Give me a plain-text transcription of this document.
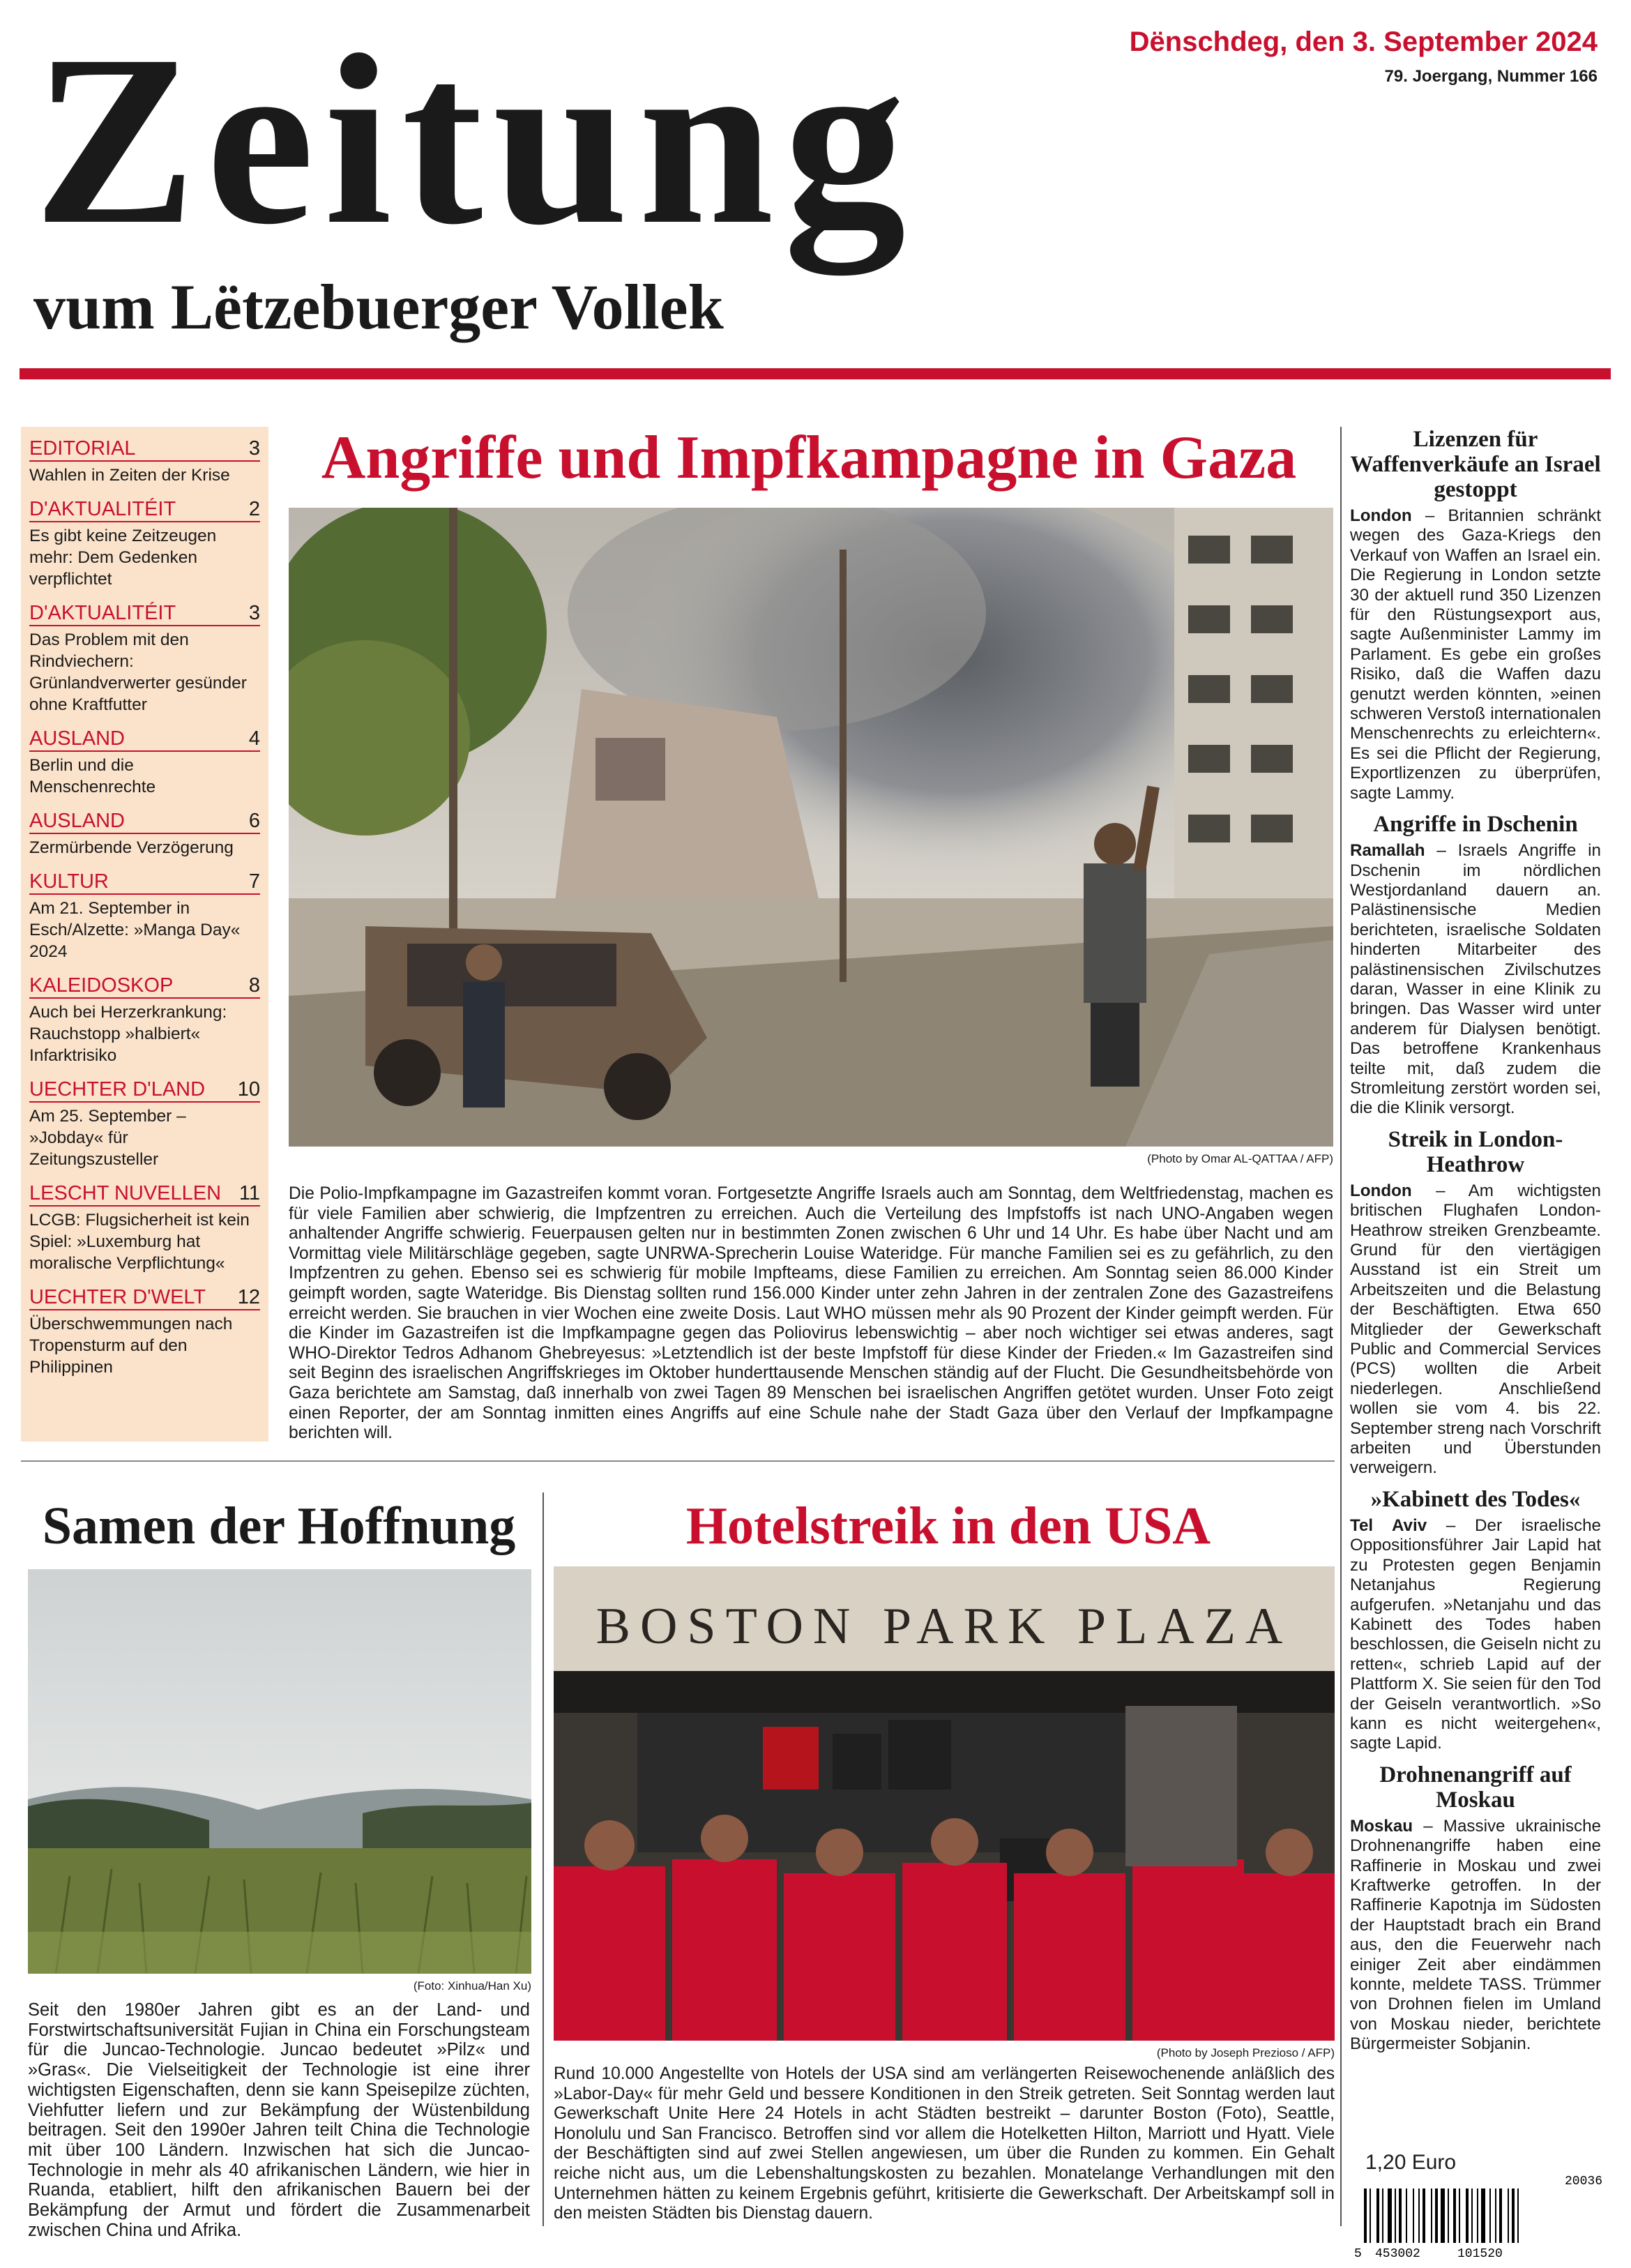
Zeitung
vum Lëtzebuerger Vollek
Dënschdeg, den 3. September 2024
79. Joergang, Nummer 166
EDITORIAL	3
Wahlen in Zeiten der Krise
D'AKTUALITÉIT	2
Es gibt keine Zeitzeugen mehr: Dem Gedenken verpflichtet
D'AKTUALITÉIT	3
Das Problem mit den Rindviechern: Grünlandverwerter gesünder ohne Kraftfutter
AUSLAND	4
Berlin und die Menschenrechte
AUSLAND	6
Zermürbende Verzögerung
KULTUR	7
Am 21. September in Esch/Alzette: »Manga Day« 2024
KALEIDOSKOP	8
Auch bei Herzerkrankung: Rauchstopp »halbiert« Infarktrisiko
UECHTER D'LAND 10
Am 25. September – »Jobday« für Zeitungszusteller
LESCHT NUVELLEN 11
LCGB: Flugsicherheit ist kein Spiel: »Luxemburg hat moralische Verpflichtung«
UECHTER D'WELT 12
Überschwemmungen nach Tropensturm auf den Philippinen
Angriffe und Impfkampagne in Gaza
(Photo by Omar AL-QATTAA / AFP)
Die Polio-Impfkampagne im Gazastreifen kommt voran. Fortgesetzte Angriffe Israels auch am Sonntag, dem Weltfriedenstag, machen es für viele Familien aber schwierig, die Impfzentren zu erreichen. Auch die Verteilung des Impfstoffs ist nach UNO-Angaben wegen anhaltender Angriffe schwierig. Feuerpausen gelten nur in bestimmten Zonen zwischen 6 Uhr und 14 Uhr. Es habe über Nacht und am Vormittag viele Militärschläge gegeben, sagte UNRWA-Sprecherin Louise Wateridge. Für manche Familien sei es zu gefährlich, zu den Impfzentren zu gehen. Ebenso sei es schwierig für mobile Impfteams, diese Familien zu erreichen. Am Sonntag seien 86.000 Kinder geimpft worden, sagte Wateridge. Bis Dienstag sollten rund 156.000 Kinder unter zehn Jahren in der zentralen Zone des Gazastreifens erreicht werden. Sie brauchen in vier Wochen eine zweite Dosis. Laut WHO müssen mehr als 90 Prozent der Kinder geimpft werden. Für die Kinder im Gazastreifen ist die Impfkampagne gegen das Poliovirus lebenswichtig – aber noch wichtiger sei etwas anderes, sagt WHO-Direktor Tedros Adhanom Ghebreyesus: »Letztendlich ist der beste Impfstoff für diese Kinder der Frieden.« Im Gazastreifen sind seit Beginn des israelischen Angriffskrieges im Oktober hunderttausende Menschen ständig auf der Flucht. Die Gesundheitsbehörde von Gaza berichtete am Samstag, daß innerhalb von zwei Tagen 89 Menschen bei israelischen Angriffen getötet wurden. Unser Foto zeigt einen Reporter, der am Sonntag inmitten eines Angriffs auf eine Schule nahe der Stadt Gaza über den Verlauf der Impfkampagne berichten will.
Samen der Hoffnung
(Foto: Xinhua/Han Xu)
Seit den 1980er Jahren gibt es an der Land- und Forstwirtschaftsuniversität Fujian in China ein Forschungsteam für die Juncao-Technologie. Juncao bedeutet »Pilz« und »Gras«. Die Vielseitigkeit der Technologie ist eine ihrer wichtigsten Eigenschaften, denn sie kann Speisepilze züchten, Viehfutter liefern und zur Bekämpfung der Wüstenbildung beitragen. Seit den 1990er Jahren teilt China die Technologie mit über 100 Ländern. Inzwischen hat sich die Juncao-Technologie in mehr als 40 afrikanischen Ländern, wie hier in Ruanda, etabliert, hilft den afrikanischen Bauern bei der Bekämpfung der Armut und fördert die Zusammenarbeit zwischen China und Afrika.
Hotelstreik in den USA
BOSTON PARK PLAZA
(Photo by Joseph Prezioso / AFP)
Rund 10.000 Angestellte von Hotels der USA sind am verlängerten Reisewochenende anläßlich des »Labor-Day« für mehr Geld und bessere Konditionen in den Streik getreten. Seit Sonntag werden laut Gewerkschaft Unite Here 24 Hotels in acht Städten bestreikt – darunter Boston (Foto), Seattle, Honolulu und San Francisco. Betroffen sind vor allem die Hotelketten Hilton, Marriott und Hyatt. Viele der Beschäftigten sind auf zwei Stellen angewiesen, um über die Runden zu kommen. Ein Gehalt reiche nicht aus, um die Lebenshaltungskosten zu bezahlen. Monatelange Verhandlungen mit den Unternehmen hätten zu keinem Ergebnis geführt, kritisierte die Gewerkschaft. Der Arbeitskampf soll in den meisten Städten bis Dienstag dauern.
Lizenzen für Waffenverkäufe an Israel gestoppt
London – Britannien schränkt wegen des Gaza-Kriegs den Verkauf von Waffen an Israel ein. Die Regierung in London setzte 30 der aktuell rund 350 Lizenzen für den Rüstungsexport aus, sagte Außenminister Lammy im Parlament. Es gebe ein großes Risiko, daß die Waffen dazu genutzt werden könnten, »einen schweren Verstoß internationalen Menschenrechts zu erleichtern«. Es sei die Pflicht der Regierung, Exportlizenzen zu überprüfen, sagte Lammy.
Angriffe in Dschenin
Ramallah – Israels Angriffe in Dschenin im nördlichen Westjordanland dauern an. Palästinensische Medien berichteten, israelische Soldaten hinderten Mitarbeiter des palästinensischen Zivilschutzes daran, Wasser in eine Klinik zu bringen. Das Wasser wird unter anderem für Dialysen benötigt. Das betroffene Krankenhaus teilte mit, daß zudem die Stromleitung zerstört worden sei, die die Klinik versorgt.
Streik in London-Heathrow
London – Am wichtigsten britischen Flughafen London-Heathrow streiken Grenzbeamte. Grund für den viertägigen Ausstand ist ein Streit um Arbeitszeiten und die Belastung der Beschäftigten. Etwa 650 Mitglieder der Gewerkschaft Public and Commercial Services (PCS) wollten die Arbeit niederlegen. Anschließend wollen sie vom 4. bis 22. September streng nach Vorschrift arbeiten und Überstunden verweigern.
»Kabinett des Todes«
Tel Aviv – Der israelische Oppositionsführer Jair Lapid hat zu Protesten gegen Benjamin Netanjahus Regierung aufgerufen. »Netanjahu und das Kabinett des Todes haben beschlossen, die Geiseln nicht zu retten«, schrieb Lapid auf der Plattform X. Sie seien für den Tod der Geiseln verantwortlich. »So kann es nicht weitergehen«, sagte Lapid.
Drohnenangriff auf Moskau
Moskau – Massive ukrainische Drohnenangriffe haben eine Raffinerie in Moskau und zwei Kraftwerke getroffen. In der Raffinerie Kapotnja im Südosten der Hauptstadt brach ein Brand aus, den die Feuerwehr nach einiger Zeit aber eindämmen konnte, meldete TASS. Trümmer von Drohnen fielen im Umland von Moskau nieder, berichtete Bürgermeister Sobjanin.
1,20 Euro
20036
5 453002	101520
